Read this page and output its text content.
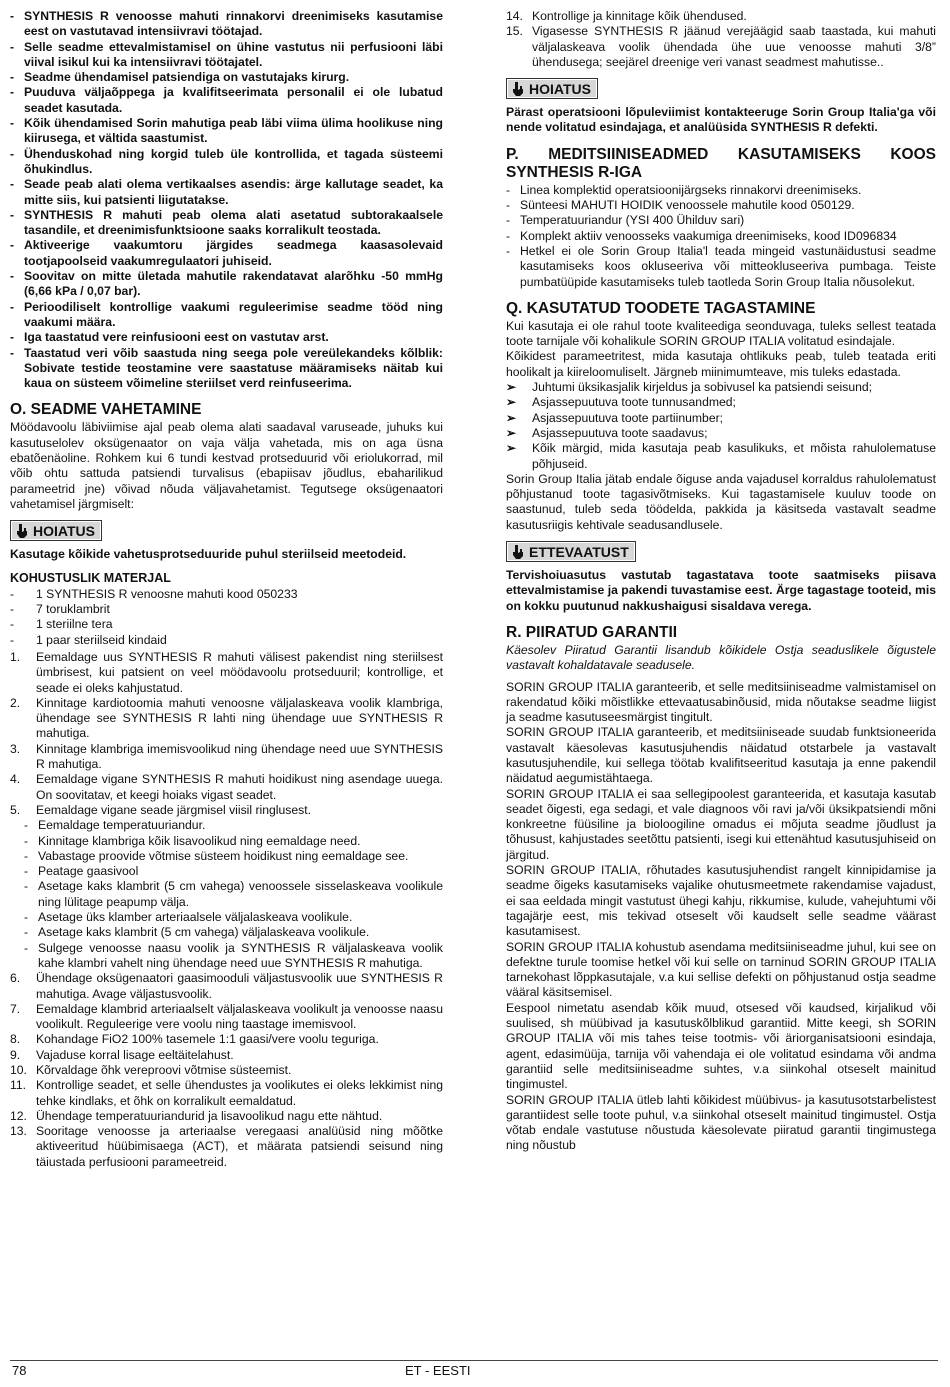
- SYNTHESIS R venoosse mahuti rinnakorvi dreenimiseks kasutamise eest on vastutavad intensiivravi töötajad.
- Selle seadme ettevalmistamisel on ühine vastutus nii perfusiooni läbi viival isikul kui ka intensiivravi töötajatel.
- Seadme ühendamisel patsiendiga on vastutajaks kirurg.
- Puuduva väljaõppega ja kvalifitseerimata personalil ei ole lubatud seadet kasutada.
- Kõik ühendamised Sorin mahutiga peab läbi viima ülima hoolikuse ning kiirusega, et vältida saastumist.
- Ühenduskohad ning korgid tuleb üle kontrollida, et tagada süsteemi õhukindlus.
- Seade peab alati olema vertikaalses asendis: ärge kallutage seadet, ka mitte siis, kui patsienti liigutatakse.
- SYNTHESIS R mahuti peab olema alati asetatud subtorakaalsele tasandile, et dreenimisfunktsioone saaks korralikult teostada.
- Aktiveerige vaakumtoru järgides seadmega kaasasolevaid tootjapoolseid vaakumregulaatori juhiseid.
- Soovitav on mitte ületada mahutile rakendatavat alarõhku -50 mmHg (6,66 kPa / 0,07 bar).
- Perioodiliselt kontrollige vaakumi reguleerimise seadme tööd ning vaakumi määra.
- Iga taastatud vere reinfusiooni eest on vastutav arst.
- Taastatud veri võib saastuda ning seega pole vereülekandeks kõlblik: Sobivate testide teostamine vere saastatuse määramiseks näitab kui kaua on süsteem võimeline steriilset verd reinfuseerima.
O. SEADME VAHETAMINE

Möödavoolu läbiviimise ajal peab olema alati saadaval varuseade, juhuks kui kasutuselolev oksügenaator on vaja välja vahetada, mis on aga üsna ebatõenäoline. Rohkem kui 6 tundi kestvad protseduurid või eriolukorrad, mil võib ohtu sattuda patsiendi turvalisus (ebapiisav jõudlus, ebaharilikud parameetrid jne) võivad nõuda väljavahetamist. Tegutsege oksügenaatori vahetamisel järgmiselt:

HOIATUS

Kasutage kõikide vahetusprotseduuride puhul steriilseid meetodeid.

KOHUSTUSLIK MATERJAL
-	1 SYNTHESIS R venoosne mahuti kood 050233
-	7 toruklambrit
-	1 steriilne tera
-	1 paar steriilseid kindaid
1.	Eemaldage uus SYNTHESIS R mahuti välisest pakendist ning steriilsest ümbrisest, kui patsient on veel möödavoolu protseduuril; kontrollige, et seade ei oleks kahjustatud.
2.	Kinnitage kardiotoomia mahuti venoosne väljalaskeava voolik klambriga, ühendage see SYNTHESIS R lahti ning ühendage uue SYNTHESIS R mahutiga.
3.	Kinnitage klambriga imemisvoolikud ning ühendage need uue SYNTHESIS R mahutiga.
4.	Eemaldage vigane SYNTHESIS R mahuti hoidikust ning asendage uuega. On soovitatav, et keegi hoiaks vigast seadet.
5.	Eemaldage vigane seade järgmisel viisil ringlusest.
- Eemaldage temperatuuriandur.
- Kinnitage klambriga kõik lisavoolikud ning eemaldage need.
- Vabastage proovide võtmise süsteem hoidikust ning eemaldage see.
- Peatage gaasivool
- Asetage kaks klambrit (5 cm vahega) venoossele sisselaskeava voolikule ning lülitage peapump välja.
- Asetage üks klamber arteriaalsele väljalaskeava voolikule.
- Asetage kaks klambrit (5 cm vahega) väljalaskeava voolikule.
- Sulgege venoosse naasu voolik ja SYNTHESIS R väljalaskeava voolik kahe klambri vahelt ning ühendage need uue SYNTHESIS R mahutiga.
6.	Ühendage oksügenaatori gaasimooduli väljastusvoolik uue SYNTHESIS R mahutiga. Avage väljastusvoolik.
7.	Eemaldage klambrid arteriaalselt väljalaskeava voolikult ja venoosse naasu voolikult. Reguleerige vere voolu ning taastage imemisvool.
8.	Kohandage FiO2 100% tasemele 1:1 gaasi/vere voolu teguriga.
9.	Vajaduse korral lisage eeltäitelahust.
10. Kõrvaldage õhk vereproovi võtmise süsteemist.
11. Kontrollige seadet, et selle ühendustes ja voolikutes ei oleks lekkimist ning tehke kindlaks, et õhk on korralikult eemaldatud.
12. Ühendage temperatuuriandurid ja lisavoolikud nagu ette nähtud.
13. Sooritage venoosse ja arteriaalse veregaasi analüüsid ning mõõtke aktiveeritud hüübimisaega (ACT), et määrata patsiendi seisund ning täiustada perfusiooni parameetreid.
14. Kontrollige ja kinnitage kõik ühendused.
15. Vigasesse SYNTHESIS R jäänud verejäägid saab taastada, kui mahuti väljalaskeava voolik ühendada ühe uue venoosse mahuti 3/8” ühendusega; seejärel dreenige veri vanast seadmest mahutisse..
HOIATUS

Pärast operatsiooni lõpuleviimist kontakteeruge Sorin Group Italia'ga või nende volitatud esindajaga, et analüüsida SYNTHESIS R defekti.

P. MEDITSIINISEADMED KASUTAMISEKS KOOS SYNTHESIS R-IGA
- Linea komplektid operatsioonijärgseks rinnakorvi dreenimiseks.
- Sünteesi MAHUTI HOIDIK venoossele mahutile kood 050129.
- Temperatuuriandur (YSI 400 Ühilduv sari)
- Komplekt aktiiv venoosseks vaakumiga dreenimiseks, kood ID096834
- Hetkel ei ole Sorin Group Italia'l teada mingeid vastunäidustusi seadme kasutamiseks koos okluseeriva või mitteokluseeriva pumbaga. Teiste pumbatüüpide kasutamiseks tuleb taotleda Sorin Group Italia nõusolekut.
Q. KASUTATUD TOODETE TAGASTAMINE

Kui kasutaja ei ole rahul toote kvaliteediga seonduvaga, tuleks sellest teatada toote tarnijale või kohalikule SORIN GROUP ITALIA volitatud esindajale.

Kõikidest parameetritest, mida kasutaja ohtlikuks peab, tuleb teatada eriti hoolikalt ja kiireloomuliselt. Järgneb miinimumteave, mis tuleks edastada.

➢	Juhtumi üksikasjalik kirjeldus ja sobivusel ka patsiendi seisund;
➢	Asjassepuutuva toote tunnusandmed;
➢	Asjassepuutuva toote partiinumber;
➢	Asjassepuutuva toote saadavus;
➢	Kõik märgid, mida kasutaja peab kasulikuks, et mõista rahulolematuse põhjuseid.

Sorin Group Italia jätab endale õiguse anda vajadusel korraldus rahulolematust põhjustanud toote tagasivõtmiseks. Kui tagastamisele kuuluv toode on saastunud, tuleb seda töödelda, pakkida ja käsitseda vastavalt seadme kasutusriigis kehtivale seadusandlusele.

ETTEVAATUST

Tervishoiuasutus vastutab tagastatava toote saatmiseks piisava ettevalmistamise ja pakendi tuvastamise eest. Ärge tagastage tooteid, mis on kokku puutunud nakkushaigusi sisaldava verega.

R. PIIRATUD GARANTII

Käesolev Piiratud Garantii lisandub kõikidele Ostja seaduslikele õigustele vastavalt kohaldatavale seadusele.

SORIN GROUP ITALIA garanteerib, et selle meditsiiniseadme valmistamisel on rakendatud kõiki mõistlikke ettevaatusabinõusid, mida nõutakse seadme liigist ja seadme kasutuseesmärgist tingitult.

SORIN GROUP ITALIA garanteerib, et meditsiiniseade suudab funktsioneerida vastavalt käesolevas kasutusjuhendis näidatud otstarbele ja vastavalt kasutusjuhendile, kui sellega töötab kvalifitseeritud kasutaja ja enne pakendil näidatud aegumistähtaega.

SORIN GROUP ITALIA ei saa sellegipoolest garanteerida, et kasutaja kasutab seadet õigesti, ega sedagi, et vale diagnoos või ravi ja/või üksikpatsiendi mõni konkreetne füüsiline ja bioloogiline omadus ei mõjuta seadme jõudlust ja tõhusust, kahjustades seetõttu patsienti, isegi kui ettenähtud kasutusjuhiseid on järgitud.

SORIN GROUP ITALIA, rõhutades kasutusjuhendist rangelt kinnipidamise ja seadme õigeks kasutamiseks vajalike ohutusmeetmete rakendamise vajadust, ei saa eeldada mingit vastutust ühegi kahju, rikkumise, kulude, vahejuhtumi või tagajärje eest, mis tekivad otseselt või kaudselt selle seadme väärast kasutamisest.

SORIN GROUP ITALIA kohustub asendama meditsiiniseadme juhul, kui see on defektne turule toomise hetkel või kui selle on tarninud SORIN GROUP ITALIA tarnekohast lõppkasutajale, v.a kui sellise defekti on põhjustanud ostja seadme vääral käsitsemisel.

Eespool nimetatu asendab kõik muud, otsesed või kaudsed, kirjalikud või suulised, sh müübivad ja kasutuskõlblikud garantiid. Mitte keegi, sh SORIN GROUP ITALIA või mis tahes teise tootmis- või äriorganisatsiooni esindaja, agent, edasimüüja, tarnija või vahendaja ei ole volitatud esindama või andma garantiid selle meditsiiniseadme suhtes, v.a siinkohal otseselt mainitud tingimustel.

SORIN GROUP ITALIA ütleb lahti kõikidest müübivus- ja kasutusotstarbelistest garantiidest selle toote puhul, v.a siinkohal otseselt mainitud tingimustel. Ostja võtab endale vastutuse nõustuda käesolevate piiratud garantii tingimustega ning nõustub

78	ET - EESTI
